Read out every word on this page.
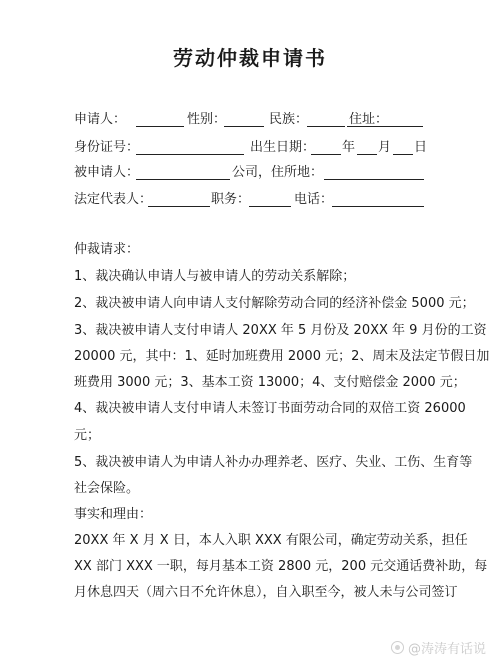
劳动仲裁申请书
申请人：	性别：	民族：	住址：
身份证号：	出生日期： 年 月 日
被申请人：	公司，住所地：
法定代表人：	职务：	电话：
仲裁请求：
1、裁决确认申请人与被申请人的劳动关系解除；
2、裁决被申请人向申请人支付解除劳动合同的经济补偿金 5000 元；
3、裁决被申请人支付申请人 20XX 年 5 月份及 20XX 年 9 月份的工资
20000 元，其中：1、延时加班费用 2000 元；2、周末及法定节假日加
班费用 3000 元；3、基本工资 13000；4、支付赔偿金 2000 元；
4、裁决被申请人支付申请人未签订书面劳动合同的双倍工资 26000
元；
5、裁决被申请人为申请人补办办理养老、医疗、失业、工伤、生育等
社会保险。
事实和理由：
20XX 年 X 月 X 日，本人入职 XXX 有限公司，确定劳动关系，担任
XX 部门 XXX 一职，每月基本工资 2800 元，200 元交通话费补助，每
月休息四天（周六日不允许休息），自入职至今，被人未与公司签订
@涛涛有话说
